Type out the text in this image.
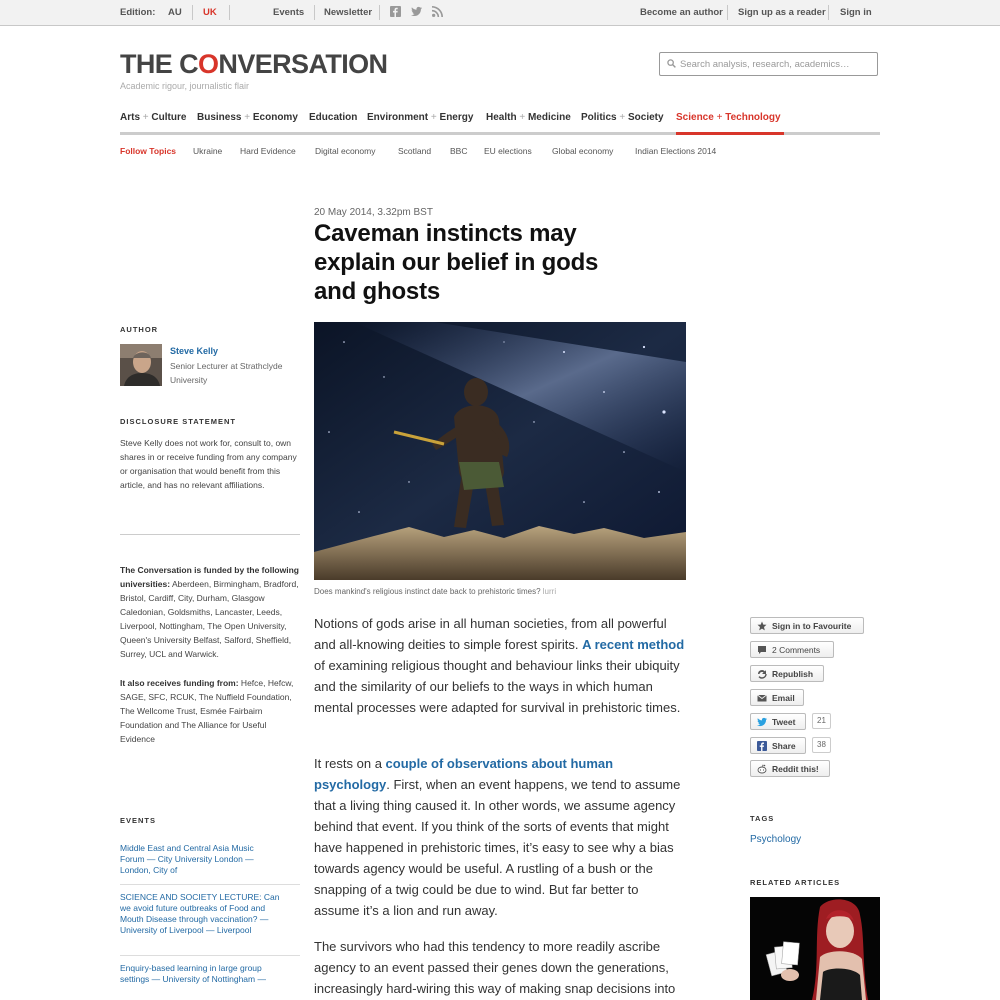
Edition: AU UK	Events Newsletter	Become an author Sign up as a reader Sign in
THE CONVERSATION
Academic rigour, journalistic flair
Search analysis, research, academics…
Arts + Culture Business + Economy Education Environment + Energy Health + Medicine Politics + Society Science + Technology
Follow Topics Ukraine Hard Evidence Digital economy	Scotland BBC EU elections Global economy	Indian Elections 2014
20 May 2014, 3.32pm BST
Caveman instincts may explain our belief in gods and ghosts
AUTHOR
Steve Kelly
Senior Lecturer at Strathclyde University
DISCLOSURE STATEMENT
Steve Kelly does not work for, consult to, own shares in or receive funding from any company or organisation that would benefit from this article, and has no relevant affiliations.
The Conversation is funded by the following universities: Aberdeen, Birmingham, Bradford, Bristol, Cardiff, City, Durham, Glasgow Caledonian, Goldsmiths, Lancaster, Leeds, Liverpool, Nottingham, The Open University, Queen's University Belfast, Salford, Sheffield, Surrey, UCL and Warwick.
It also receives funding from: Hefce, Hefcw, SAGE, SFC, RCUK, The Nuffield Foundation, The Wellcome Trust, Esmée Fairbairn Foundation and The Alliance for Useful Evidence
EVENTS
Middle East and Central Asia Music Forum — City University London — London, City of
SCIENCE AND SOCIETY LECTURE: Can we avoid future outbreaks of Food and Mouth Disease through vaccination? — University of Liverpool — Liverpool
Enquiry-based learning in large group settings — University of Nottingham —
Does mankind's religious instinct date back to prehistoric times? lurri

Notions of gods arise in all human societies, from all powerful and all-knowing deities to simple forest spirits. A recent method of examining religious thought and behaviour links their ubiquity and the similarity of our beliefs to the ways in which human mental processes were adapted for survival in prehistoric times.

It rests on a couple of observations about human psychology. First, when an event happens, we tend to assume that a living thing caused it. In other words, we assume agency behind that event. If you think of the sorts of events that might have happened in prehistoric times, it’s easy to see why a bias towards agency would be useful. A rustling of a bush or the snapping of a twig could be due to wind. But far better to assume it’s a lion and run away.

The survivors who had this tendency to more readily ascribe agency to an event passed their genes down the generations, increasingly hard-wiring this way of making snap decisions into

Sign in to Favourite
2 Comments
Republish
Email
Tweet	21
Share	38
Reddit this!
TAGS
Psychology
RELATED ARTICLES
